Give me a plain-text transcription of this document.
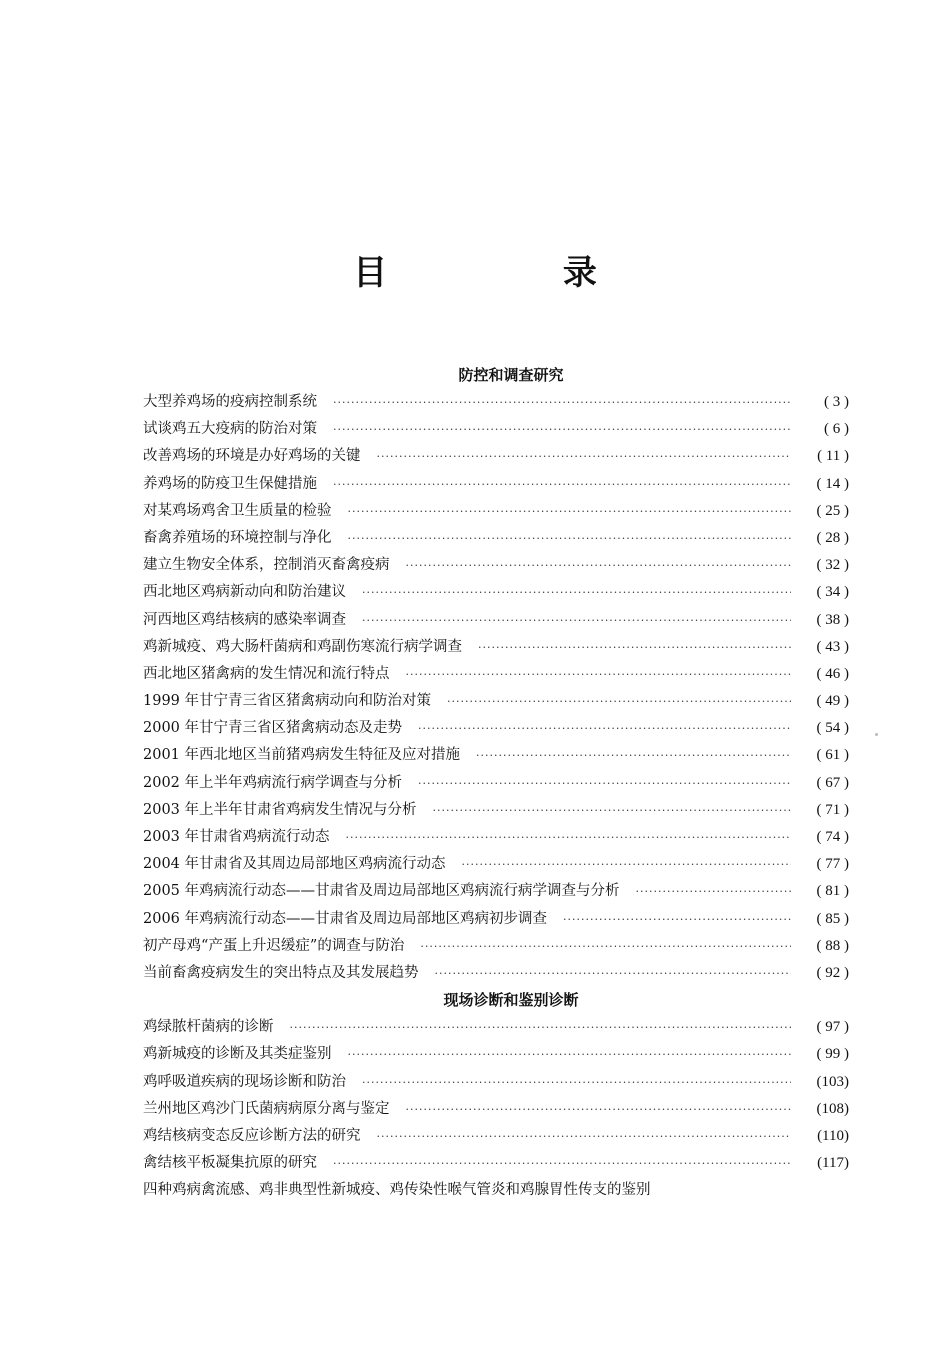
目 录
防控和调查研究
大型养鸡场的疫病控制系统 ·····	( 3 )
试谈鸡五大疫病的防治对策 ·····	( 6 )
改善鸡场的环境是办好鸡场的关键 ·····	( 11 )
养鸡场的防疫卫生保健措施 ·····	( 14 )
对某鸡场鸡舍卫生质量的检验 ·····	( 25 )
畜禽养殖场的环境控制与净化 ·····	( 28 )
建立生物安全体系，控制消灭畜禽疫病 ·····	( 32 )
西北地区鸡病新动向和防治建议 ·····	( 34 )
河西地区鸡结核病的感染率调查 ·····	( 38 )
鸡新城疫、鸡大肠杆菌病和鸡副伤寒流行病学调查 ·····	( 43 )
西北地区猪禽病的发生情况和流行特点 ·····	( 46 )
1999 年甘宁青三省区猪禽病动向和防治对策 ·····	( 49 )
2000 年甘宁青三省区猪禽病动态及走势 ·····	( 54 )
2001 年西北地区当前猪鸡病发生特征及应对措施 ·····	( 61 )
2002 年上半年鸡病流行病学调查与分析 ·····	( 67 )
2003 年上半年甘肃省鸡病发生情况与分析 ·····	( 71 )
2003 年甘肃省鸡病流行动态 ·····	( 74 )
2004 年甘肃省及其周边局部地区鸡病流行动态 ·····	( 77 )
2005 年鸡病流行动态——甘肃省及周边局部地区鸡病流行病学调查与分析 ·····	( 81 )
2006 年鸡病流行动态——甘肃省及周边局部地区鸡病初步调查 ·····	( 85 )
初产母鸡“产蛋上升迟缓症”的调查与防治 ·····	( 88 )
当前畜禽疫病发生的突出特点及其发展趋势 ·····	( 92 )
现场诊断和鉴别诊断
鸡绿脓杆菌病的诊断 ·····	( 97 )
鸡新城疫的诊断及其类症鉴别 ·····	( 99 )
鸡呼吸道疾病的现场诊断和防治 ·····	(103)
兰州地区鸡沙门氏菌病病原分离与鉴定 ·····	(108)
鸡结核病变态反应诊断方法的研究 ·····	(110)
禽结核平板凝集抗原的研究 ·····	(117)
四种鸡病禽流感、鸡非典型性新城疫、鸡传染性喉气管炎和鸡腺胃性传支的鉴别
